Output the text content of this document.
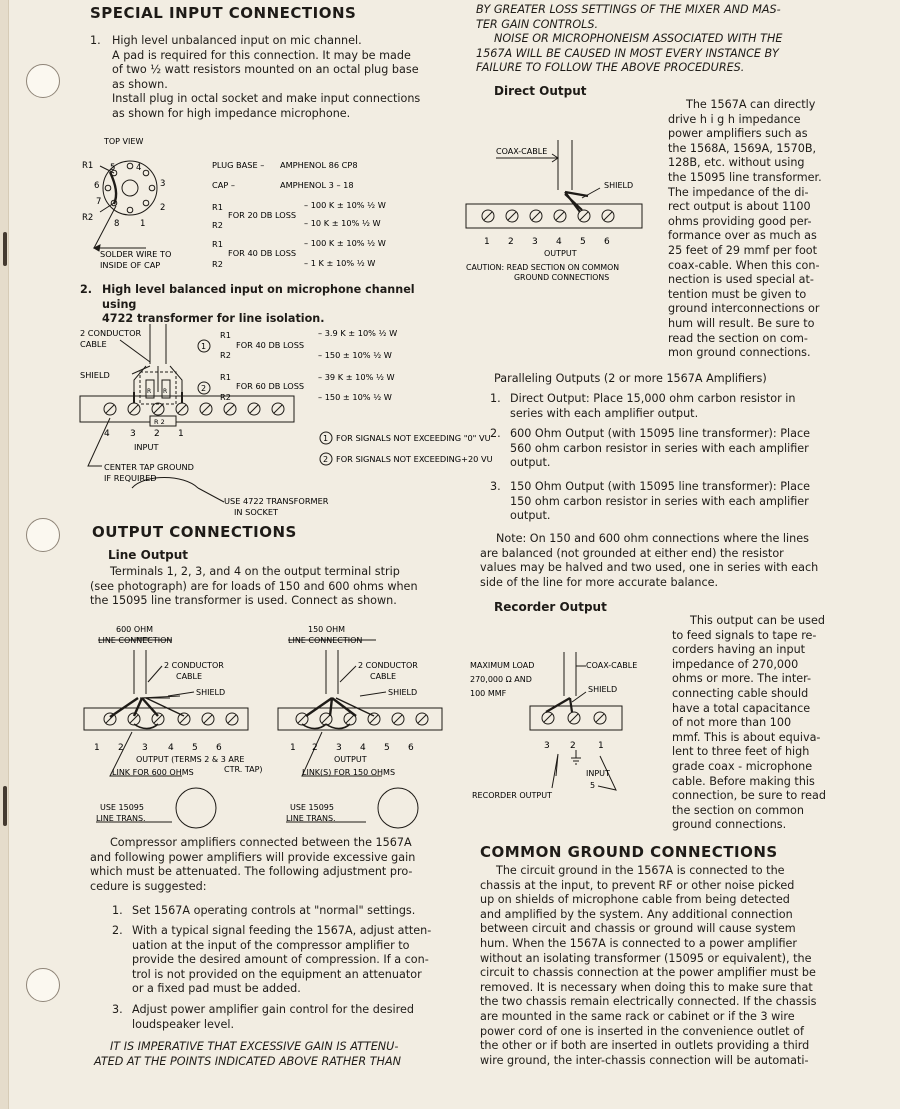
SPECIAL INPUT CONNECTIONS
1. High level unbalanced input on mic channel.
A pad is required for this connection. It may be made
of two ½ watt resistors mounted on an octal plug base
as shown.
Install plug in octal socket and make input connections
as shown for high impedance microphone.
TOP VIEW
R1 5 4
6	3
7
2
R2
8 1
SOLDER WIRE TO
INSIDE OF CAP
PLUG BASE – AMPHENOL 86 CP8
CAP –	AMPHENOL 3 – 18
R1
FOR 20 DB LOSS
R2
– 100 K ± 10% ½ W
– 10 K ± 10% ½ W
R1
FOR 40 DB LOSS
R2
– 100 K ± 10% ½ W
– 1 K ± 10% ½ W
2. High level balanced input on microphone channel using
4722 transformer for line isolation.
2 CONDUCTOR
CABLE
SHIELD
R R
R 2
4 3 2 1
INPUT
CENTER TAP GROUND
IF REQUIRED
USE 4722 TRANSFORMER
IN SOCKET
1
R1
FOR 40 DB LOSS
R2
– 3.9 K ± 10% ½ W
– 150 ± 10% ½ W
2
R1
FOR 60 DB LOSS
R2
– 39 K ± 10% ½ W
– 150 ± 10% ½ W
1 FOR SIGNALS NOT EXCEEDING "0" VU
2 FOR SIGNALS NOT EXCEEDING+20 VU
OUTPUT CONNECTIONS
Line Output
Terminals 1, 2, 3, and 4 on the output terminal strip
(see photograph) are for loads of 150 and 600 ohms when
the 15095 line transformer is used. Connect as shown.
600 OHM
LINE CONNECTION
2 CONDUCTOR
CABLE
SHIELD
1 2 3 4 5 6
OUTPUT (TERMS 2 & 3 ARE
CTR. TAP)
LINK FOR 600 OHMS
USE 15095
LINE TRANS.
150 OHM
LINE CONNECTION
2 CONDUCTOR
CABLE
SHIELD
1 2 3 4 5 6
OUTPUT
LINK(S) FOR 150 OHMS
USE 15095
LINE TRANS.
Compressor amplifiers connected between the 1567A
and following power amplifiers will provide excessive gain
which must be attenuated. The following adjustment pro-
cedure is suggested:
1. Set 1567A operating controls at "normal" settings.
2. With a typical signal feeding the 1567A, adjust atten-
uation at the input of the compressor amplifier to
provide the desired amount of compression. If a con-
trol is not provided on the equipment an attenuator
or a fixed pad must be added.
3. Adjust power amplifier gain control for the desired
loudspeaker level.
IT IS IMPERATIVE THAT EXCESSIVE GAIN IS ATTENU-
ATED AT THE POINTS INDICATED ABOVE RATHER THAN
BY GREATER LOSS SETTINGS OF THE MIXER AND MAS-
TER GAIN CONTROLS.
NOISE OR MICROPHONEISM ASSOCIATED WITH THE
1567A WILL BE CAUSED IN MOST EVERY INSTANCE BY
FAILURE TO FOLLOW THE ABOVE PROCEDURES.
Direct Output
The 1567A can directly
drive h i g h impedance
power amplifiers such as
the 1568A, 1569A, 1570B,
128B, etc. without using
the 15095 line transformer.
The impedance of the di-
rect output is about 1100
ohms providing good per-
formance over as much as
25 feet of 29 mmf per foot
coax-cable. When this con-
nection is used special at-
tention must be given to
ground interconnections or
hum will result. Be sure to
read the section on com-
mon ground connections.
COAX-CABLE
SHIELD
1 2 3 4 5 6
OUTPUT
CAUTION: READ SECTION ON COMMON
GROUND CONNECTIONS
Paralleling Outputs (2 or more 1567A Amplifiers)
1. Direct Output: Place 15,000 ohm carbon resistor in
series with each amplifier output.
2. 600 Ohm Output (with 15095 line transformer): Place
560 ohm carbon resistor in series with each amplifier
output.
3. 150 Ohm Output (with 15095 line transformer): Place
150 ohm carbon resistor in series with each amplifier
output.
Note: On 150 and 600 ohm connections where the lines
are balanced (not grounded at either end) the resistor
values may be halved and two used, one in series with each
side of the line for more accurate balance.
Recorder Output
This output can be used
to feed signals to tape re-
corders having an input
impedance of 270,000
ohms or more. The inter-
connecting cable should
have a total capacitance
of not more than 100
mmf. This is about equiva-
lent to three feet of high
grade coax - microphone
cable. Before making this
connection, be sure to read
the section on common
ground connections.
MAXIMUM LOAD
270,000 Ω AND
100 MMF
COAX-CABLE
SHIELD
3 2 1
INPUT
5
RECORDER OUTPUT
COMMON GROUND CONNECTIONS
The circuit ground in the 1567A is connected to the
chassis at the input, to prevent RF or other noise picked
up on shields of microphone cable from being detected
and amplified by the system. Any additional connection
between circuit and chassis or ground will cause system
hum. When the 1567A is connected to a power amplifier
without an isolating transformer (15095 or equivalent), the
circuit to chassis connection at the power amplifier must be
removed. It is necessary when doing this to make sure that
the two chassis remain electrically connected. If the chassis
are mounted in the same rack or cabinet or if the 3 wire
power cord of one is inserted in the convenience outlet of
the other or if both are inserted in outlets providing a third
wire ground, the inter-chassis connection will be automati-
